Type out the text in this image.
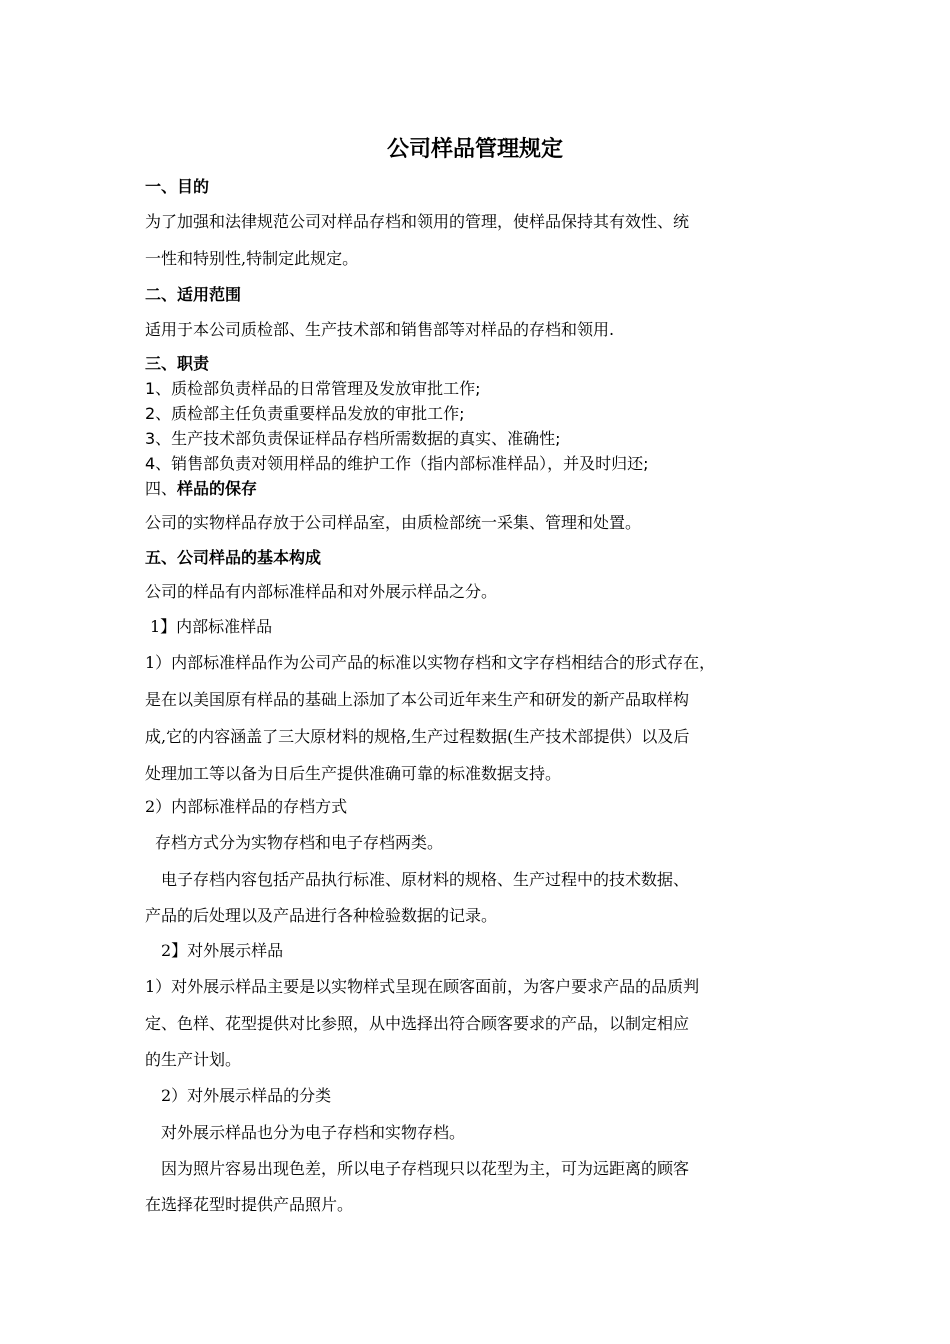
公司样品管理规定
一、目的
为了加强和法律规范公司对样品存档和领用的管理，使样品保持其有效性、统
一性和特别性,特制定此规定。
二、适用范围
适用于本公司质检部、生产技术部和销售部等对样品的存档和领用.
三、职责
1、质检部负责样品的日常管理及发放审批工作;
2、质检部主任负责重要样品发放的审批工作;
3、生产技术部负责保证样品存档所需数据的真实、准确性;
4、销售部负责对领用样品的维护工作（指内部标准样品），并及时归还;
四、样品的保存
公司的实物样品存放于公司样品室，由质检部统一采集、管理和处置。
五、公司样品的基本构成
公司的样品有内部标准样品和对外展示样品之分。
1】内部标准样品
1）内部标准样品作为公司产品的标准以实物存档和文字存档相结合的形式存在，
是在以美国原有样品的基础上添加了本公司近年来生产和研发的新产品取样构
成,它的内容涵盖了三大原材料的规格,生产过程数据(生产技术部提供）以及后
处理加工等以备为日后生产提供准确可靠的标准数据支持。
2）内部标准样品的存档方式
存档方式分为实物存档和电子存档两类。
电子存档内容包括产品执行标准、原材料的规格、生产过程中的技术数据、
产品的后处理以及产品进行各种检验数据的记录。
2】对外展示样品
1）对外展示样品主要是以实物样式呈现在顾客面前，为客户要求产品的品质判
定、色样、花型提供对比参照，从中选择出符合顾客要求的产品，以制定相应
的生产计划。
2）对外展示样品的分类
对外展示样品也分为电子存档和实物存档。
因为照片容易出现色差，所以电子存档现只以花型为主，可为远距离的顾客
在选择花型时提供产品照片。
